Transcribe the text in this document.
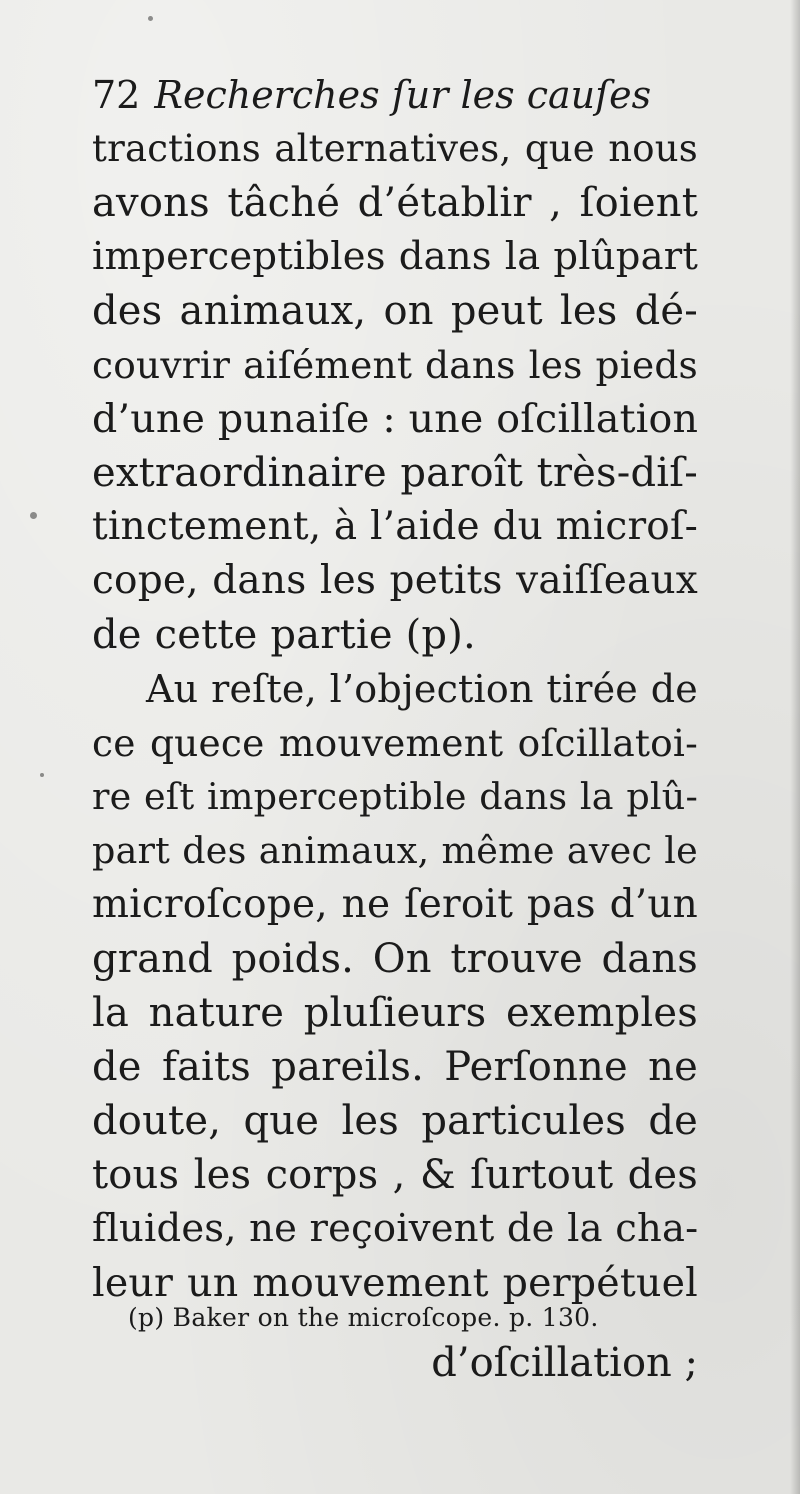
72 Recherches ſur les cauſes
tractions alternatives, que nous
avons tâché d’établir , ſoient
imperceptibles dans la plûpart
des animaux, on peut les dé-
couvrir aiſément dans les pieds
d’une punaiſe : une oſcillation
extraordinaire paroît très-diſ-
tinctement, à l’aide du microſ-
cope, dans les petits vaiſſeaux
de cette partie (p).
Au reſte, l’objection tirée de
ce quece mouvement oſcillatoi-
re eſt imperceptible dans la plû-
part des animaux, même avec le
microſcope, ne ſeroit pas d’un
grand poids. On trouve dans
la nature pluſieurs exemples
de faits pareils. Perſonne ne
doute, que les particules de
tous les corps , & ſurtout des
fluides, ne reçoivent de la cha-
leur un mouvement perpétuel
(p) Baker on the microſcope. p. 130.
d’oſcillation ;
